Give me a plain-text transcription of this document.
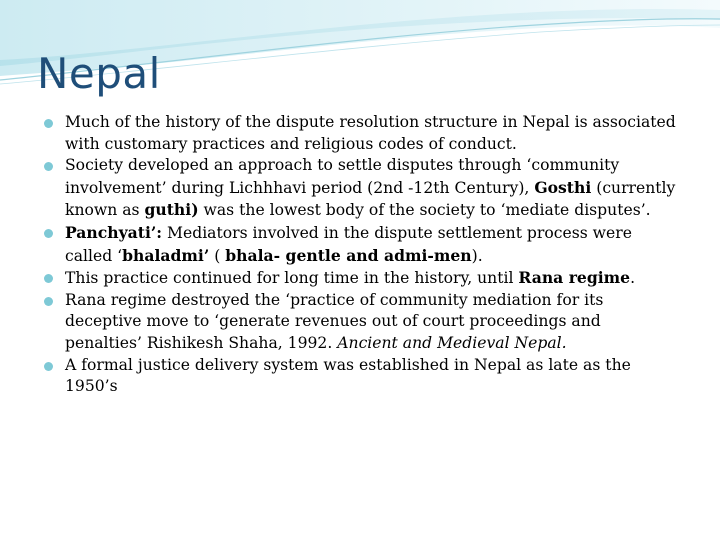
Nepal
Much of the history of the dispute resolution structure in Nepal is associated with customary practices and religious codes of conduct.
Society developed an approach to settle disputes through ‘community involvement’ during Lichhhavi period (2nd -12th Century), Gosthi (currently known as guthi) was the lowest body of the society to ‘mediate disputes’.
Panchyati’: Mediators involved in the dispute settlement process were called ‘bhaladmi’ ( bhala- gentle and admi-men).
This practice continued for long time in the history, until Rana regime.
Rana regime destroyed the ‘practice of community mediation for its deceptive move to ‘generate revenues out of court proceedings and penalties’ Rishikesh Shaha, 1992. Ancient and Medieval Nepal.
A formal justice delivery system was established in Nepal as late as the 1950’s
